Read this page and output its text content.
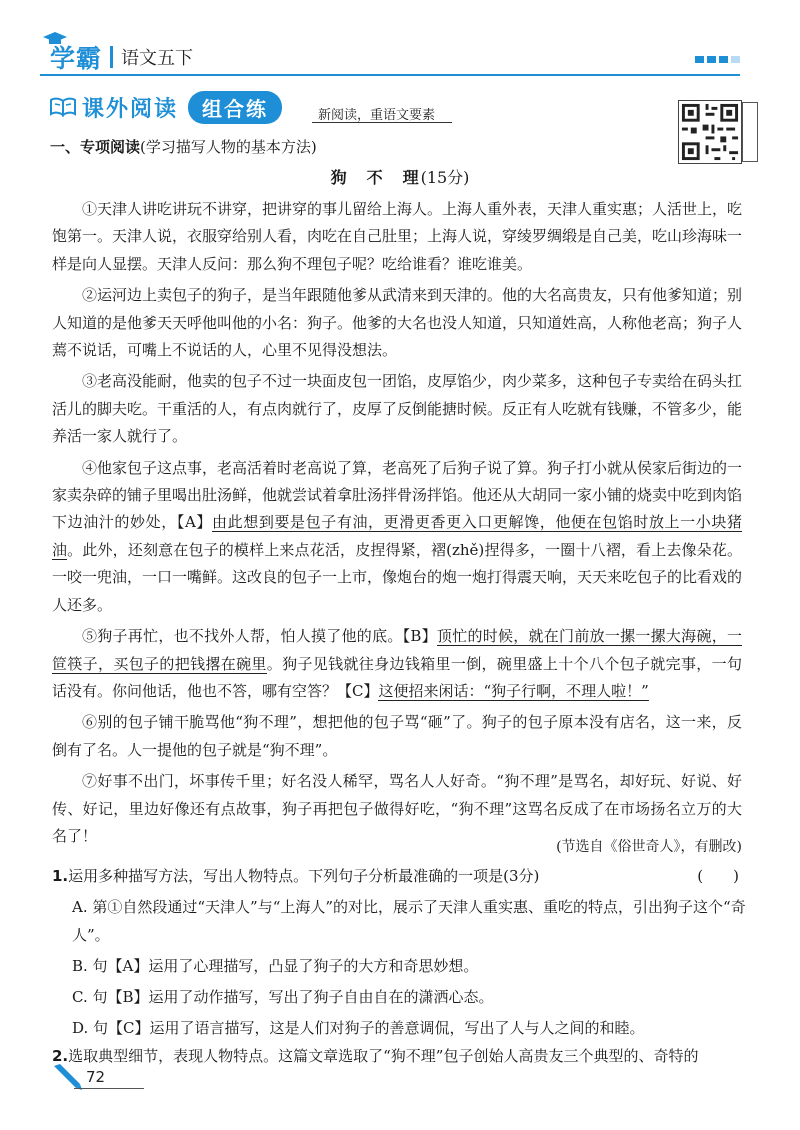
学霸 语文五下
课外阅读	组合练	新阅读，重语文要素
一、专项阅读(学习描写人物的基本方法)
狗　不　理(15分)

①天津人讲吃讲玩不讲穿，把讲穿的事儿留给上海人。上海人重外表，天津人重实惠；人活世上，吃饱第一。天津人说，衣服穿给别人看，肉吃在自己肚里；上海人说，穿绫罗绸缎是自己美，吃山珍海味一样是向人显摆。天津人反问：那么狗不理包子呢？吃给谁看？谁吃谁美。

②运河边上卖包子的狗子，是当年跟随他爹从武清来到天津的。他的大名高贵友，只有他爹知道；别人知道的是他爹天天呼他叫他的小名：狗子。他爹的大名也没人知道，只知道姓高，人称他老高；狗子人蔫不说话，可嘴上不说话的人，心里不见得没想法。

③老高没能耐，他卖的包子不过一块面皮包一团馅，皮厚馅少，肉少菜多，这种包子专卖给在码头扛活儿的脚夫吃。干重活的人，有点肉就行了，皮厚了反倒能搪时候。反正有人吃就有钱赚，不管多少，能养活一家人就行了。

④他家包子这点事，老高活着时老高说了算，老高死了后狗子说了算。狗子打小就从侯家后街边的一家卖杂碎的铺子里喝出肚汤鲜，他就尝试着拿肚汤拌骨汤拌馅。他还从大胡同一家小铺的烧卖中吃到肉馅下边油汁的妙处，【A】由此想到要是包子有油，更滑更香更入口更解馋，他便在包馅时放上一小块猪油。此外，还刻意在包子的模样上来点花活，皮捏得紧，褶(zhě)捏得多，一圈十八褶，看上去像朵花。一咬一兜油，一口一嘴鲜。这改良的包子一上市，像炮台的炮一炮打得震天响，天天来吃包子的比看戏的人还多。

⑤狗子再忙，也不找外人帮，怕人摸了他的底。【B】顶忙的时候，就在门前放一摞一摞大海碗，一笸筷子，买包子的把钱撂在碗里。狗子见钱就往身边钱箱里一倒，碗里盛上十个八个包子就完事，一句话没有。你问他话，他也不答，哪有空答？【C】这便招来闲话：“狗子行啊，不理人啦！”

⑥别的包子铺干脆骂他“狗不理”，想把他的包子骂“砸”了。狗子的包子原本没有店名，这一来，反倒有了名。人一提他的包子就是“狗不理”。

⑦好事不出门，坏事传千里；好名没人稀罕，骂名人人好奇。“狗不理”是骂名，却好玩、好说、好传、好记，里边好像还有点故事，狗子再把包子做得好吃，“狗不理”这骂名反成了在市场扬名立万的大名了！

(节选自《俗世奇人》，有删改)
1.运用多种描写方法，写出人物特点。下列句子分析最准确的一项是(3分)	(　　)
A. 第①自然段通过“天津人”与“上海人”的对比，展示了天津人重实惠、重吃的特点，引出狗子这个“奇人”。
B. 句【A】运用了心理描写，凸显了狗子的大方和奇思妙想。
C. 句【B】运用了动作描写，写出了狗子自由自在的潇洒心态。
D. 句【C】运用了语言描写，这是人们对狗子的善意调侃，写出了人与人之间的和睦。
2.选取典型细节，表现人物特点。这篇文章选取了“狗不理”包子创始人高贵友三个典型的、奇特的
72
